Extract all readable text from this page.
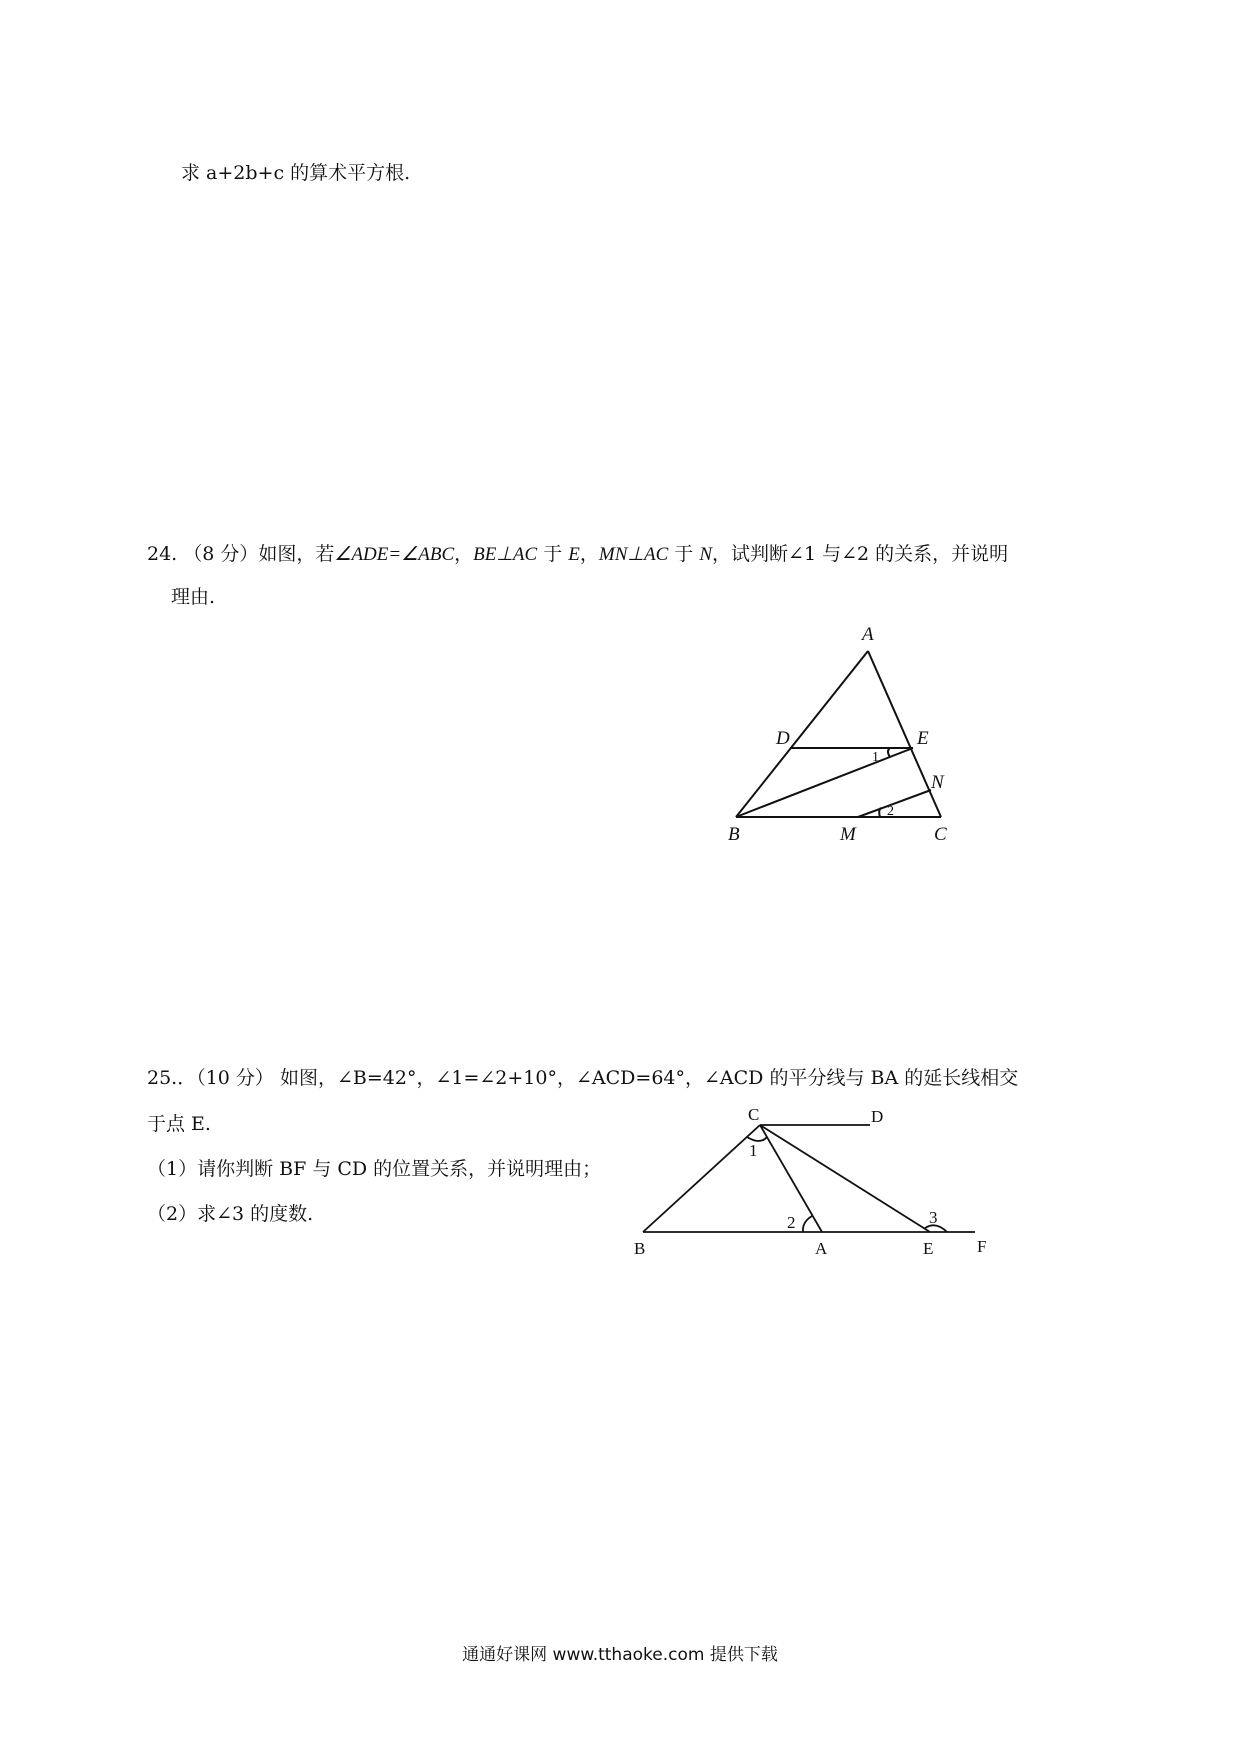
求 a+2b+c 的算术平方根.
24. （8 分）如图，若∠ADE=∠ABC，BE⊥AC 于 E，MN⊥AC 于 N，试判断∠1 与∠2 的关系，并说明
理由.
A
D	E
N
B	M	C
1
2
25.．（10 分） 如图，∠B=42°，∠1=∠2+10°，∠ACD=64°，∠ACD 的平分线与 BA 的延长线相交
于点 E.
（1）请你判断 BF 与 CD 的位置关系，并说明理由；
（2）求∠3 的度数.
C	D
1
2	3
B	A	E	F
通通好课网 www.tthaoke.com 提供下载
